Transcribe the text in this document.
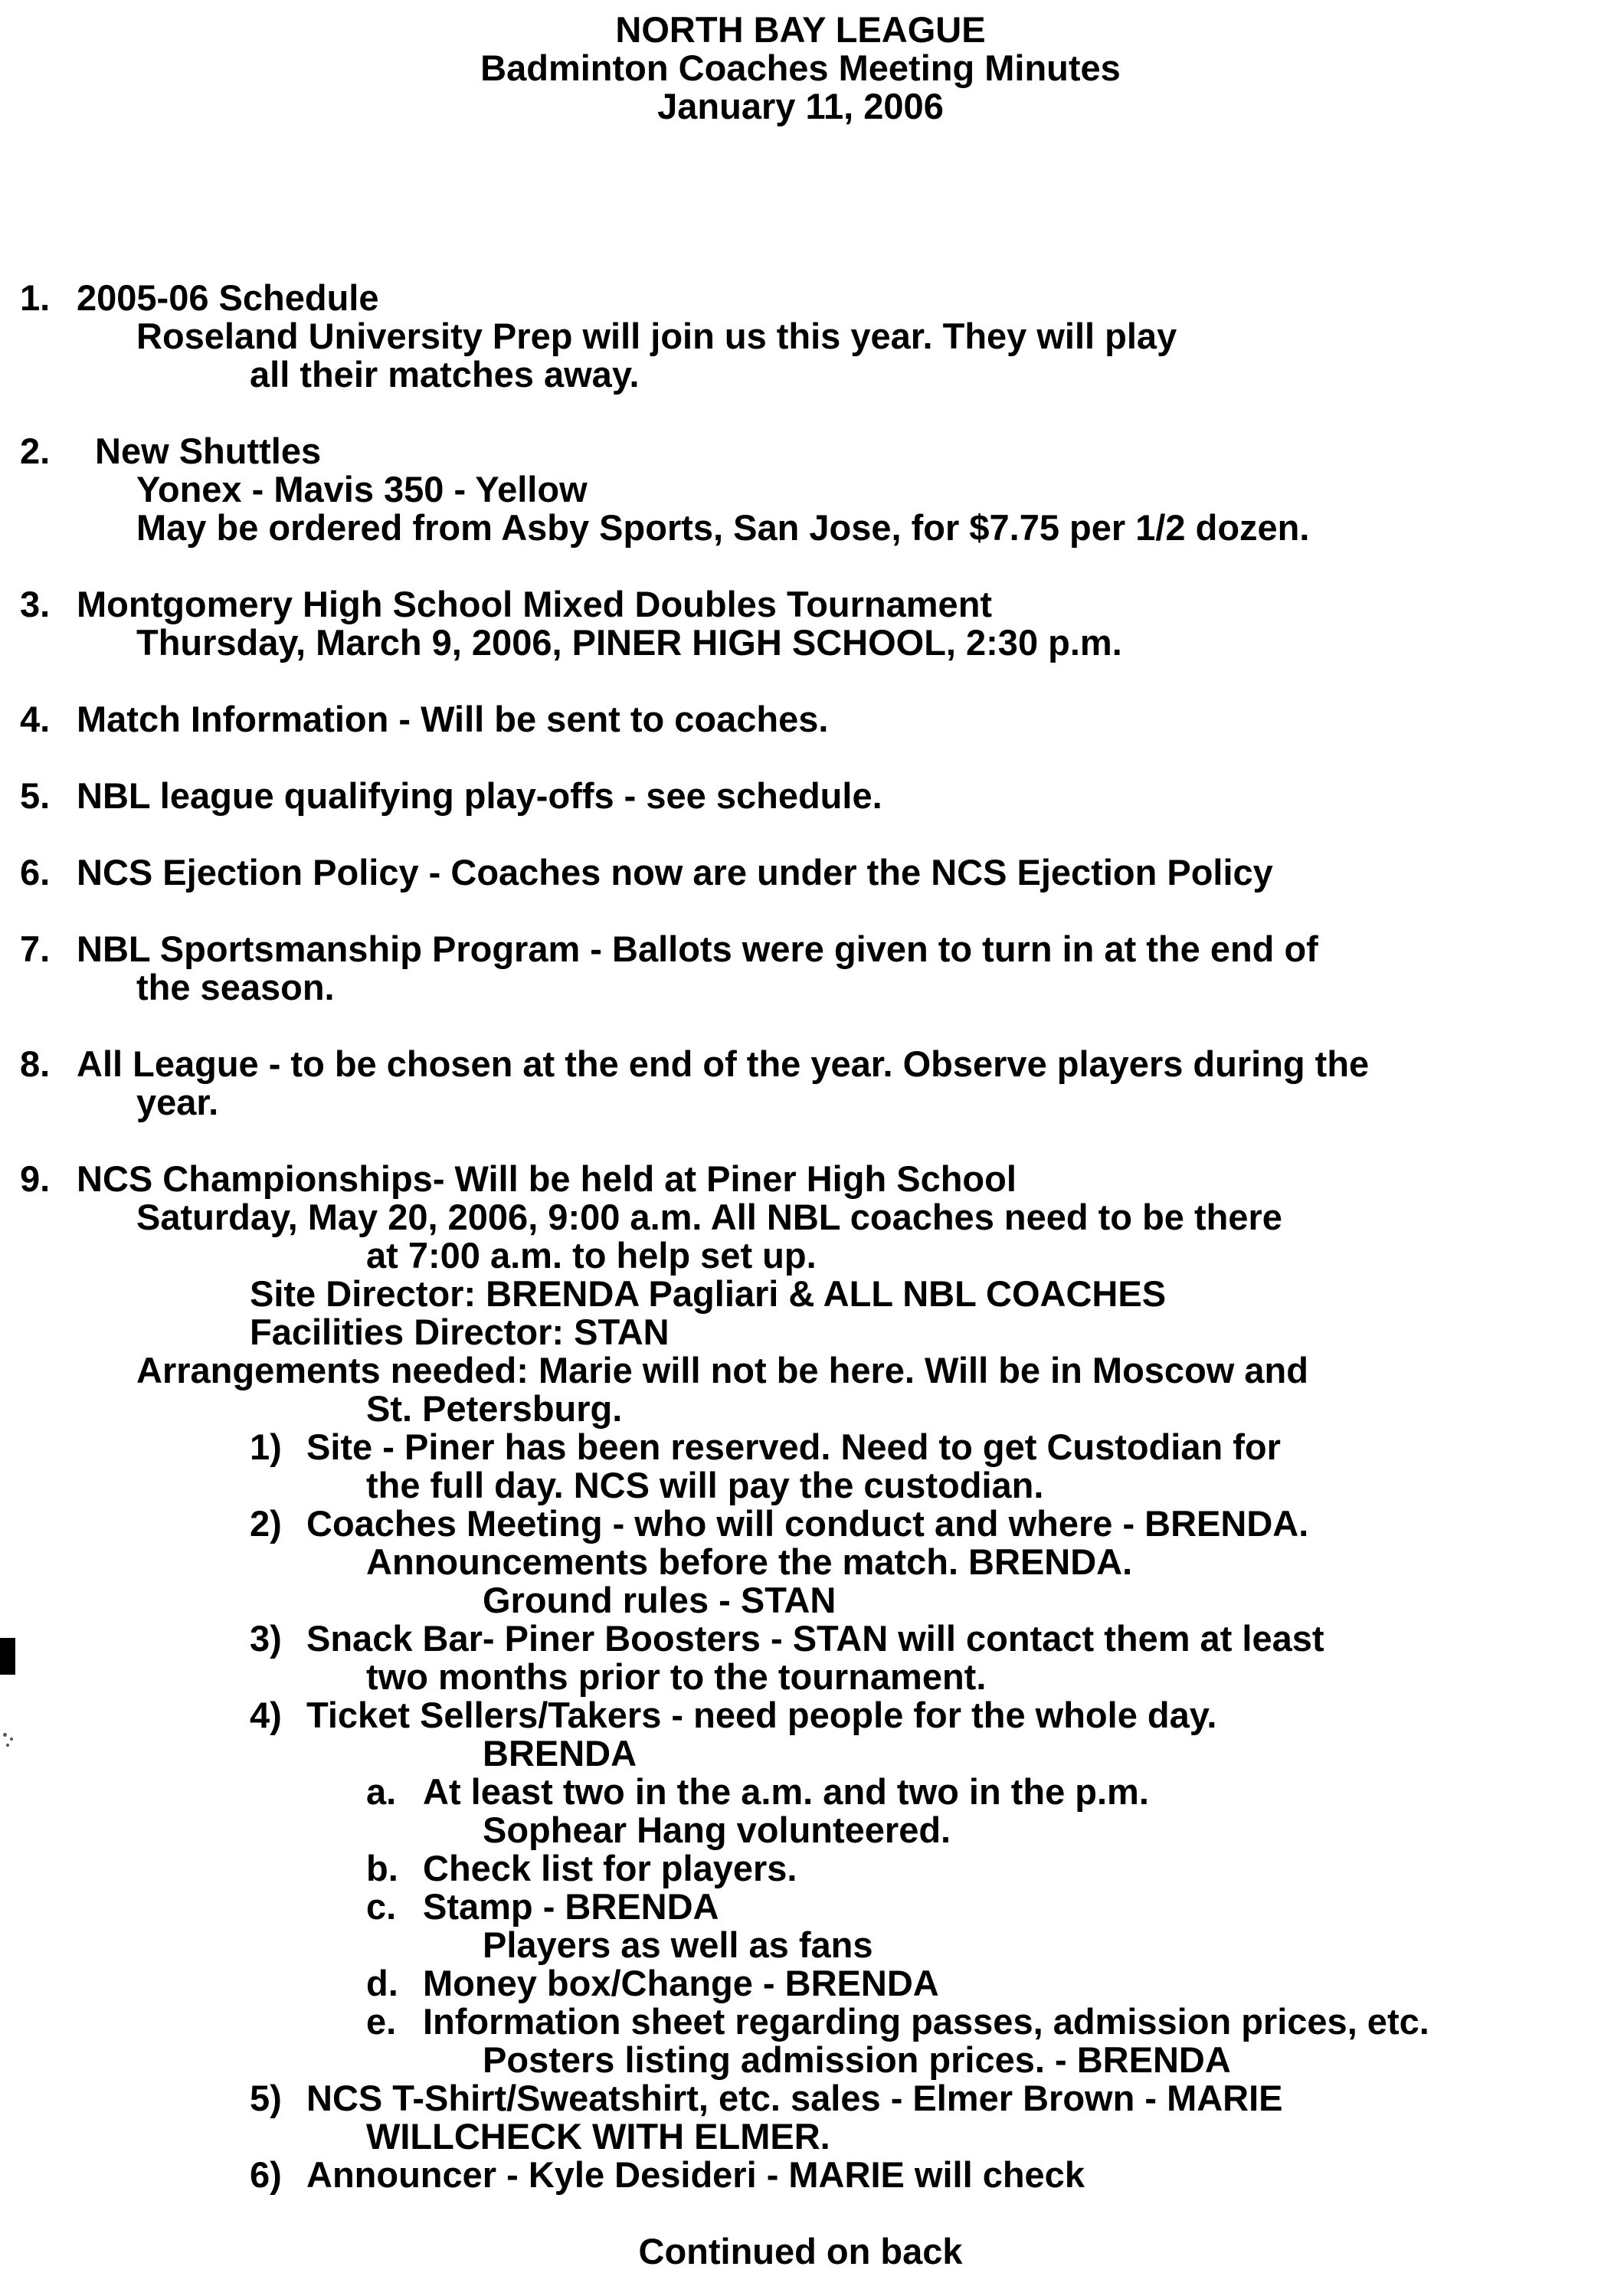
NORTH BAY LEAGUE
Badminton Coaches Meeting Minutes
January 11, 2006
1. 2005-06 Schedule
Roseland University Prep will join us this year. They will play
all their matches away.
2. New Shuttles
Yonex - Mavis 350 - Yellow
May be ordered from Asby Sports, San Jose, for $7.75 per 1/2 dozen.
3. Montgomery High School Mixed Doubles Tournament
Thursday, March 9, 2006, PINER HIGH SCHOOL, 2:30 p.m.
4. Match Information - Will be sent to coaches.
5. NBL league qualifying play-offs - see schedule.
6. NCS Ejection Policy - Coaches now are under the NCS Ejection Policy
7. NBL Sportsmanship Program - Ballots were given to turn in at the end of
the season.
8. All League - to be chosen at the end of the year. Observe players during the
year.
9. NCS Championships- Will be held at Piner High School
Saturday, May 20, 2006, 9:00 a.m. All NBL coaches need to be there
at 7:00 a.m. to help set up.
Site Director: BRENDA Pagliari & ALL NBL COACHES
Facilities Director: STAN
Arrangements needed: Marie will not be here. Will be in Moscow and
St. Petersburg.
1) Site - Piner has been reserved. Need to get Custodian for
the full day. NCS will pay the custodian.
2) Coaches Meeting - who will conduct and where - BRENDA.
Announcements before the match. BRENDA.
Ground rules - STAN
3) Snack Bar- Piner Boosters - STAN will contact them at least
two months prior to the tournament.
4) Ticket Sellers/Takers - need people for the whole day.
BRENDA
a. At least two in the a.m. and two in the p.m.
Sophear Hang volunteered.
b. Check list for players.
c. Stamp - BRENDA
Players as well as fans
d. Money box/Change - BRENDA
e. Information sheet regarding passes, admission prices, etc.
Posters listing admission prices. - BRENDA
5) NCS T-Shirt/Sweatshirt, etc. sales - Elmer Brown - MARIE
WILLCHECK WITH ELMER.
6) Announcer - Kyle Desideri - MARIE will check
Continued on back
